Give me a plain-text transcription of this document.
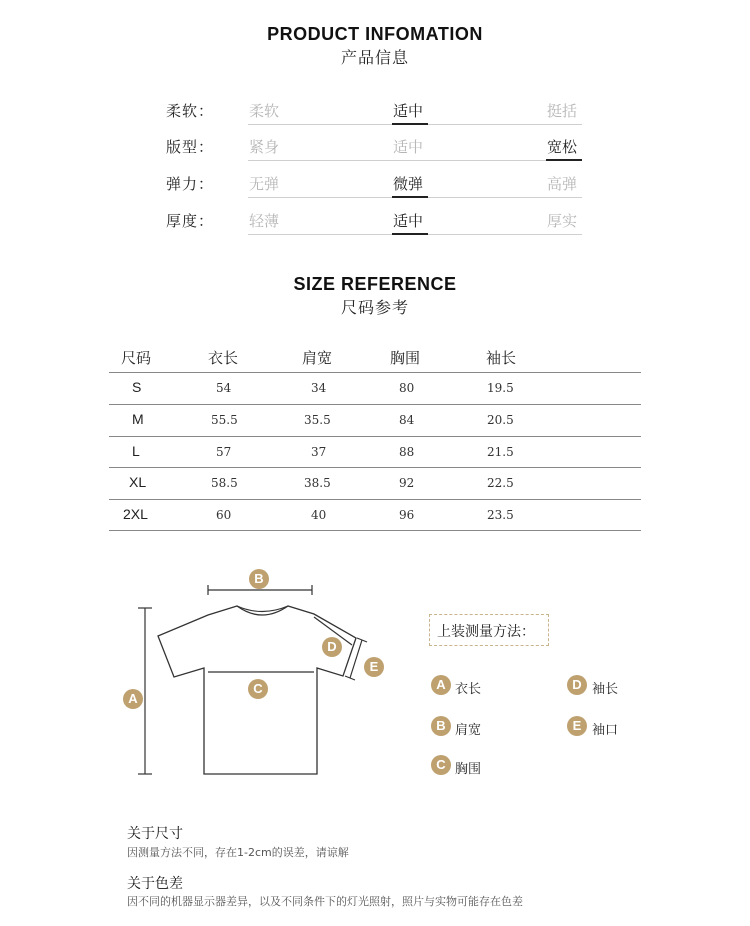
PRODUCT INFOMATION
产品信息
柔软： 柔软	适中	挺括
版型： 紧身	适中	宽松
弹力： 无弹	微弹	高弹
厚度： 轻薄	适中	厚实
SIZE REFERENCE
尺码参考
尺码	衣长	肩宽	胸围	袖长
S	54	34	80	19.5
M	55.5	35.5	84	20.5
L	57	37	88	21.5
XL	58.5	38.5	92	22.5
2XL	60	40	96	23.5
B
A
C
D
E
上装测量方法：
A 衣长
B 肩宽
C 胸围
D 袖长
E 袖口
关于尺寸
因测量方法不同，存在1-2cm的误差，请谅解
关于色差
因不同的机器显示器差异，以及不同条件下的灯光照射，照片与实物可能存在色差
